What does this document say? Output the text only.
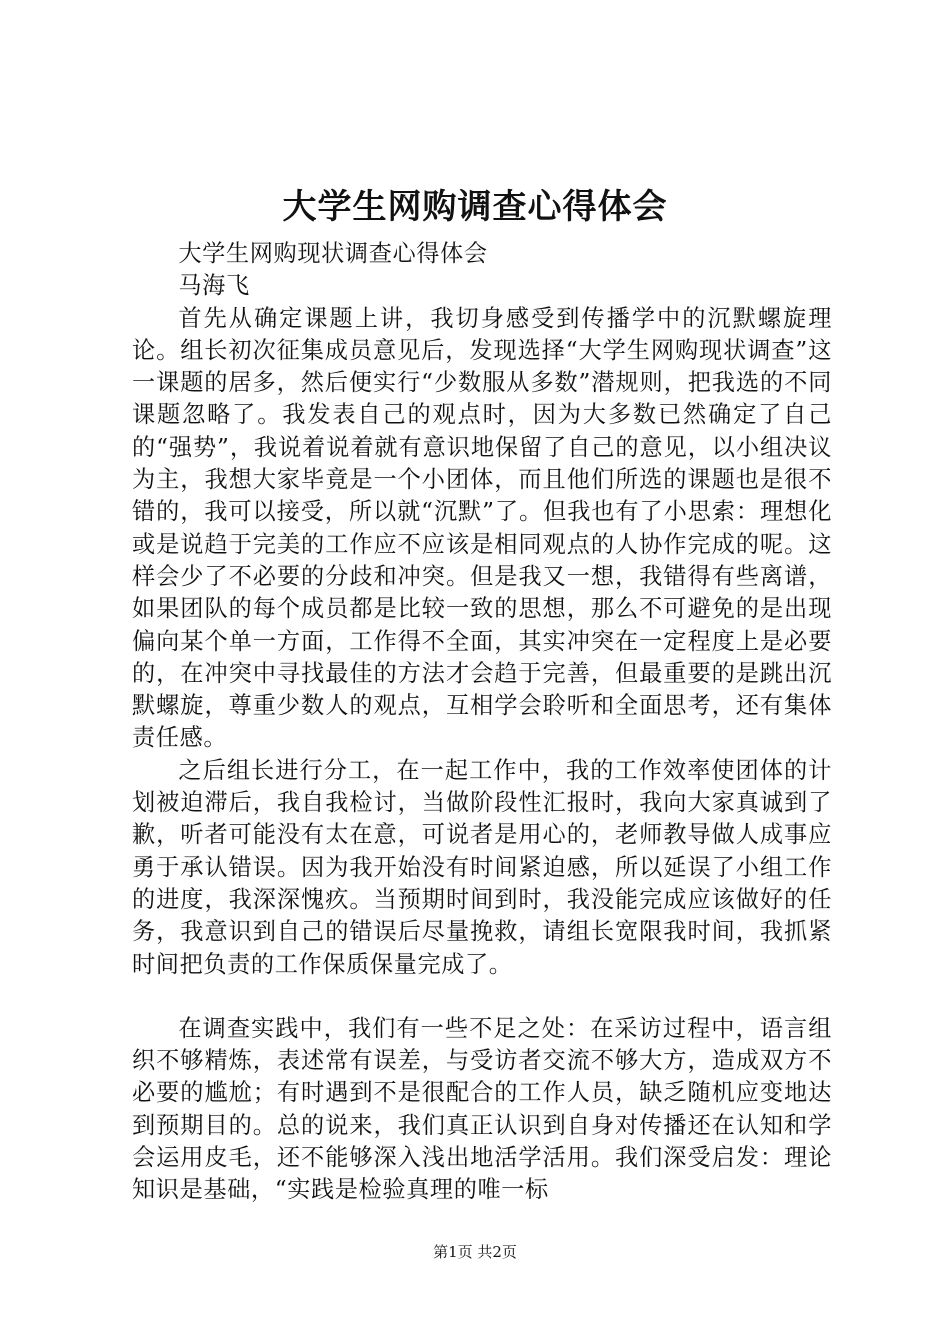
大学生网购调查心得体会

大学生网购现状调查心得体会

马海飞

首先从确定课题上讲，我切身感受到传播学中的沉默螺旋理论。组长初次征集成员意见后，发现选择“大学生网购现状调查”这一课题的居多，然后便实行“少数服从多数”潜规则，把我选的不同课题忽略了。我发表自己的观点时，因为大多数已然确定了自己的“强势”，我说着说着就有意识地保留了自己的意见，以小组决议为主，我想大家毕竟是一个小团体，而且他们所选的课题也是很不错的，我可以接受，所以就“沉默”了。但我也有了小思索：理想化或是说趋于完美的工作应不应该是相同观点的人协作完成的呢。这样会少了不必要的分歧和冲突。但是我又一想，我错得有些离谱，如果团队的每个成员都是比较一致的思想，那么不可避免的是出现偏向某个单一方面，工作得不全面，其实冲突在一定程度上是必要的，在冲突中寻找最佳的方法才会趋于完善，但最重要的是跳出沉默螺旋，尊重少数人的观点，互相学会聆听和全面思考，还有集体责任感。

之后组长进行分工，在一起工作中，我的工作效率使团体的计划被迫滞后，我自我检讨，当做阶段性汇报时，我向大家真诚到了歉，听者可能没有太在意，可说者是用心的，老师教导做人成事应勇于承认错误。因为我开始没有时间紧迫感，所以延误了小组工作的进度，我深深愧疚。当预期时间到时，我没能完成应该做好的任务，我意识到自己的错误后尽量挽救，请组长宽限我时间，我抓紧时间把负责的工作保质保量完成了。

在调查实践中，我们有一些不足之处：在采访过程中，语言组织不够精炼，表述常有误差，与受访者交流不够大方，造成双方不必要的尴尬；有时遇到不是很配合的工作人员，缺乏随机应变地达到预期目的。总的说来，我们真正认识到自身对传播还在认知和学会运用皮毛，还不能够深入浅出地活学活用。我们深受启发：理论知识是基础，“实践是检验真理的唯一标

第1页 共2页
